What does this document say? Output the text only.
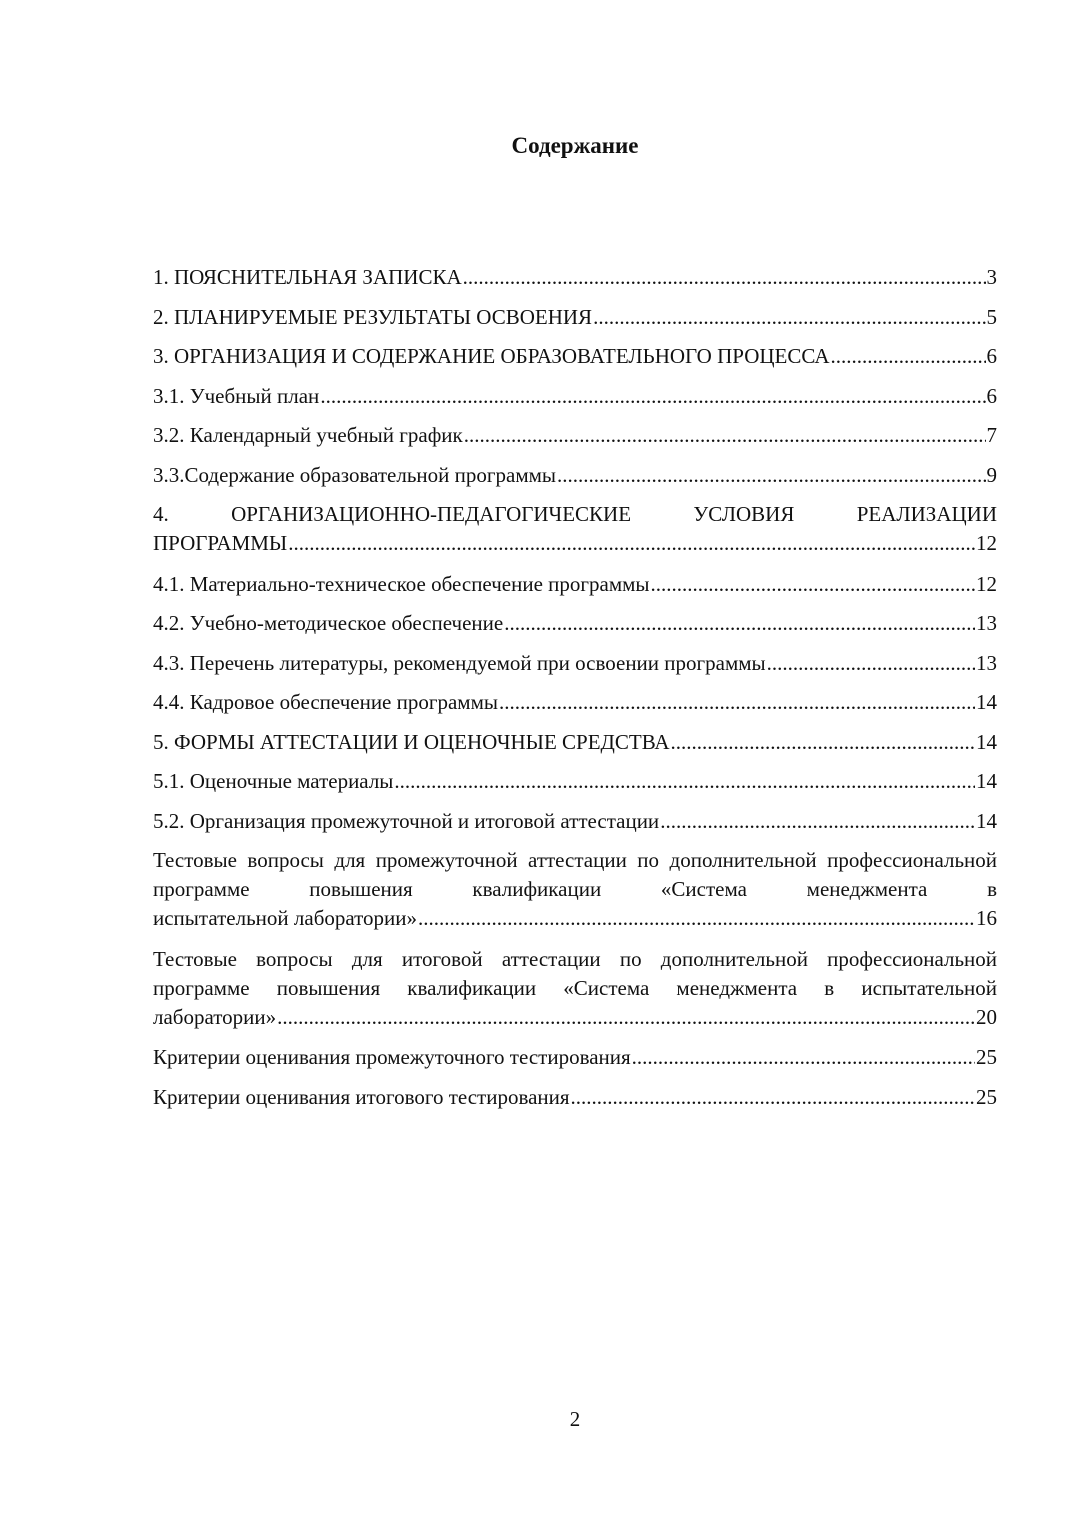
Содержание
1. ПОЯСНИТЕЛЬНАЯ ЗАПИСКА .....	3
2. ПЛАНИРУЕМЫЕ РЕЗУЛЬТАТЫ ОСВОЕНИЯ .....	5
3. ОРГАНИЗАЦИЯ И СОДЕРЖАНИЕ ОБРАЗОВАТЕЛЬНОГО ПРОЦЕССА .....	6
3.1. Учебный план .....	6
3.2. Календарный учебный график .....	7
3.3.Содержание образовательной программы .....	9
4. ОРГАНИЗАЦИОННО-ПЕДАГОГИЧЕСКИЕ УСЛОВИЯ РЕАЛИЗАЦИИ
ПРОГРАММЫ .....	12
4.1. Материально-техническое обеспечение программы .....	12
4.2. Учебно-методическое обеспечение .....	13
4.3. Перечень литературы, рекомендуемой при освоении программы .....	13
4.4. Кадровое обеспечение программы .....	14
5. ФОРМЫ АТТЕСТАЦИИ И ОЦЕНОЧНЫЕ СРЕДСТВА .....	14
5.1. Оценочные материалы .....	14
5.2. Организация промежуточной и итоговой аттестации .....	14
Тестовые вопросы для промежуточной аттестации по дополнительной профессиональной программе повышения квалификации «Система менеджмента в
испытательной лаборатории» .....	16
Тестовые вопросы для итоговой аттестации по дополнительной профессиональной программе повышения квалификации «Система менеджмента в испытательной
лаборатории» .....	20
Критерии оценивания промежуточного тестирования .....	25
Критерии оценивания итогового тестирования .....	25
2
